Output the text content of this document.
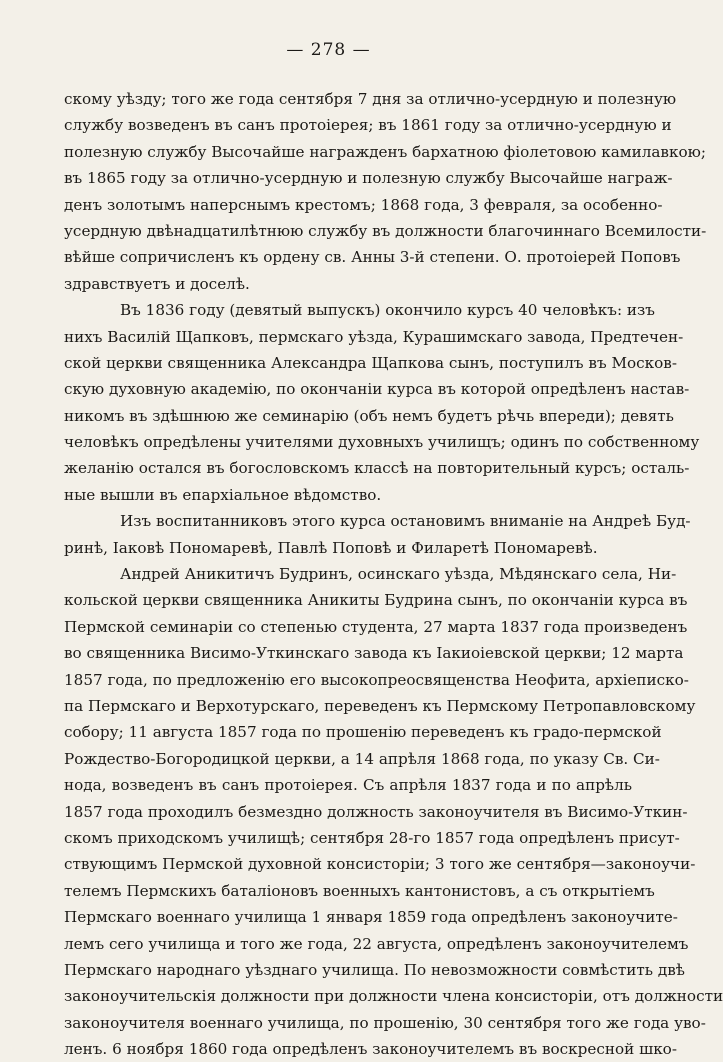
— 278 —
скому уѣзду; того же года сентября 7 дня за отлично-усердную и полезную
службу возведенъ въ санъ протоіерея; въ 1861 году за отлично-усердную и
полезную службу Высочайше награжденъ бархатною фіолетовою камилавкою;
въ 1865 году за отлично-усердную и полезную службу Высочайше награж-
денъ золотымъ наперснымъ крестомъ; 1868 года, 3 февраля, за особенно-
усердную двѣнадцатилѣтнюю службу въ должности благочиннаго Всемилости-
вѣйше сопричисленъ къ ордену св. Анны 3-й степени. О. протоіерей Поповъ
здравствуетъ и доселѣ.
Въ 1836 году (девятый выпускъ) окончило курсъ 40 человѣкъ: изъ
нихъ Василій Щапковъ, пермскаго уѣзда, Курашимскаго завода, Предтечен-
ской церкви священника Александра Щапкова сынъ, поступилъ въ Москов-
скую духовную академію, по окончаніи курса въ которой опредѣленъ настав-
никомъ въ здѣшнюю же семинарію (объ немъ будетъ рѣчь впереди); девять
человѣкъ опредѣлены учителями духовныхъ училищъ; одинъ по собственному
желанію остался въ богословскомъ классѣ на повторительный курсъ; осталь-
ные вышли въ епархіальное вѣдомство.
Изъ воспитанниковъ этого курса остановимъ вниманіе на Андреѣ Буд-
ринѣ, Іаковѣ Пономаревѣ, Павлѣ Поповѣ и Филаретѣ Пономаревѣ.
Андрей Аникитичъ Будринъ, осинскаго уѣзда, Мѣдянскаго села, Ни-
кольской церкви священника Аникиты Будрина сынъ, по окончаніи курса въ
Пермской семинаріи со степенью студента, 27 марта 1837 года произведенъ
во священника Висимо-Уткинскаго завода къ Іакиоіевской церкви; 12 марта
1857 года, по предложенію его высокопреосвященства Неофита, архіеписко-
па Пермскаго и Верхотурскаго, переведенъ къ Пермскому Петропавловскому
собору; 11 августа 1857 года по прошенію переведенъ къ градо-пермской
Рождество-Богородицкой церкви, а 14 апрѣля 1868 года, по указу Св. Си-
нода, возведенъ въ санъ протоіерея. Съ апрѣля 1837 года и по апрѣль
1857 года проходилъ безмездно должность законоучителя въ Висимо-Уткин-
скомъ приходскомъ училищѣ; сентября 28-го 1857 года опредѣленъ присут-
ствующимъ Пермской духовной консисторіи; 3 того же сентября—законоучи-
телемъ Пермскихъ баталіоновъ военныхъ кантонистовъ, а съ открытіемъ
Пермскаго военнаго училища 1 января 1859 года опредѣленъ законоучите-
лемъ сего училища и того же года, 22 августа, опредѣленъ законоучителемъ
Пермскаго народнаго уѣзднаго училища. По невозможности совмѣстить двѣ
законоучительскія должности при должности члена консисторіи, отъ должности
законоучителя военнаго училища, по прошенію, 30 сентября того же года уво-
ленъ. 6 ноября 1860 года опредѣленъ законоучителемъ въ воскресной шко-
